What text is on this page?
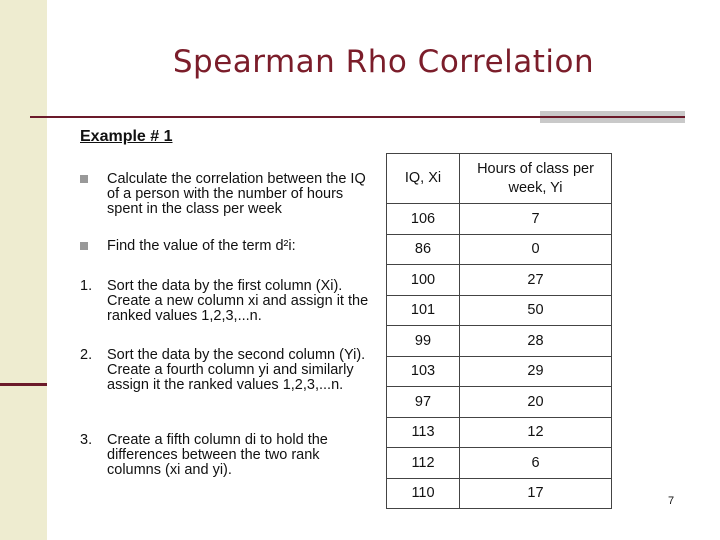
Spearman Rho Correlation
Example # 1
Calculate the correlation between the IQ of a person with the number of hours spent in the class per week
Find the value of the term d²i:
1. Sort the data by the first column (Xi). Create a new column xi and assign it the ranked values 1,2,3,...n.
2. Sort the data by the second column (Yi). Create a fourth column yi and similarly assign it the ranked values 1,2,3,...n.
3. Create a fifth column di to hold the differences between the two rank columns (xi and yi).
IQ, Xi	Hours of class per week, Yi
106	7
86	0
100	27
101	50
99	28
103	29
97	20
113	12
112	6
110	17	7
